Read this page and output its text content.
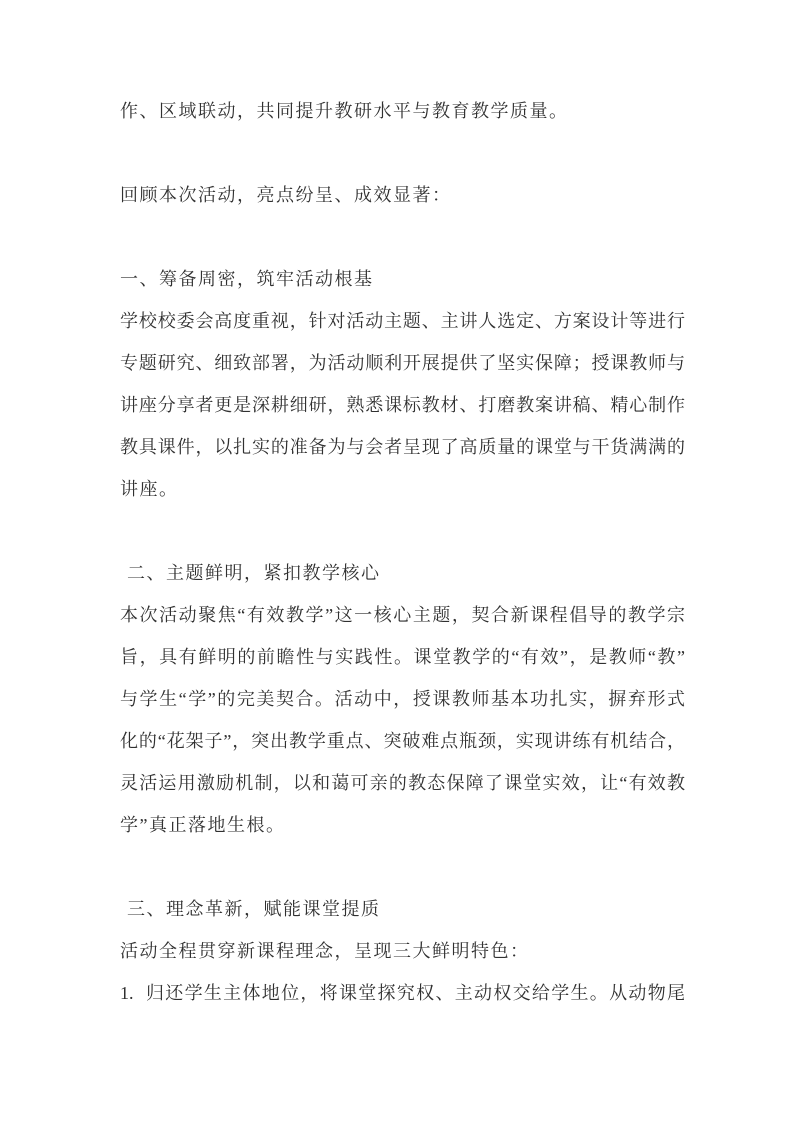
作、区域联动，共同提升教研水平与教育教学质量。
回顾本次活动，亮点纷呈、成效显著：
一、筹备周密，筑牢活动根基
学校校委会高度重视，针对活动主题、主讲人选定、方案设计等进行
专题研究、细致部署，为活动顺利开展提供了坚实保障；授课教师与
讲座分享者更是深耕细研，熟悉课标教材、打磨教案讲稿、精心制作
教具课件，以扎实的准备为与会者呈现了高质量的课堂与干货满满的
讲座。
二、主题鲜明，紧扣教学核心
本次活动聚焦“有效教学”这一核心主题，契合新课程倡导的教学宗
旨，具有鲜明的前瞻性与实践性。课堂教学的“有效”，是教师“教”
与学生“学”的完美契合。活动中，授课教师基本功扎实，摒弃形式
化的“花架子”，突出教学重点、突破难点瓶颈，实现讲练有机结合，
灵活运用激励机制，以和蔼可亲的教态保障了课堂实效，让“有效教
学”真正落地生根。
三、理念革新，赋能课堂提质
活动全程贯穿新课程理念，呈现三大鲜明特色：
1. 归还学生主体地位，将课堂探究权、主动权交给学生。从动物尾
